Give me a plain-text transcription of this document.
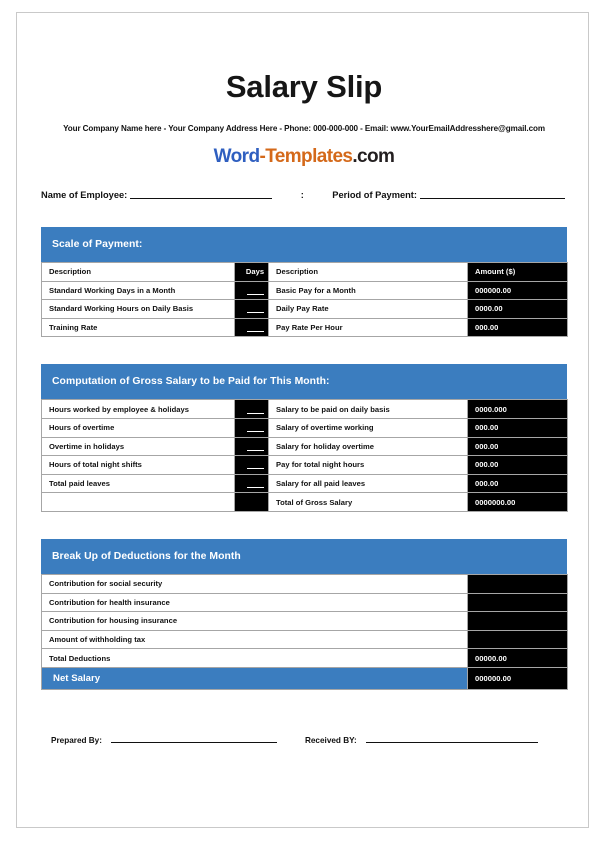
Salary Slip
Your Company Name here - Your Company Address Here - Phone: 000-000-000 - Email: www.YourEmailAddresshere@gmail.com
Word-Templates.com
Name of Employee:	:	Period of Payment:
Scale of Payment:
Description	Days	Description	Amount ($)
Standard Working Days in a Month		Basic Pay for a Month	000000.00
Standard Working Hours on Daily Basis		Daily Pay Rate	0000.00
Training Rate		Pay Rate Per Hour	000.00
Computation of Gross Salary to be Paid for This Month:
Hours worked by employee & holidays		Salary to be paid on daily basis	0000.000
Hours of overtime		Salary of overtime working	000.00
Overtime in holidays		Salary for holiday overtime	000.00
Hours of total night shifts		Pay for total night hours	000.00
Total paid leaves		Salary for all paid leaves	000.00
		Total of Gross Salary	0000000.00
Break Up of Deductions for the Month
Contribution for social security	
Contribution for health insurance	
Contribution for housing insurance	
Amount of withholding tax	
Total Deductions	00000.00
Net Salary	000000.00
Prepared By:	Received BY:
